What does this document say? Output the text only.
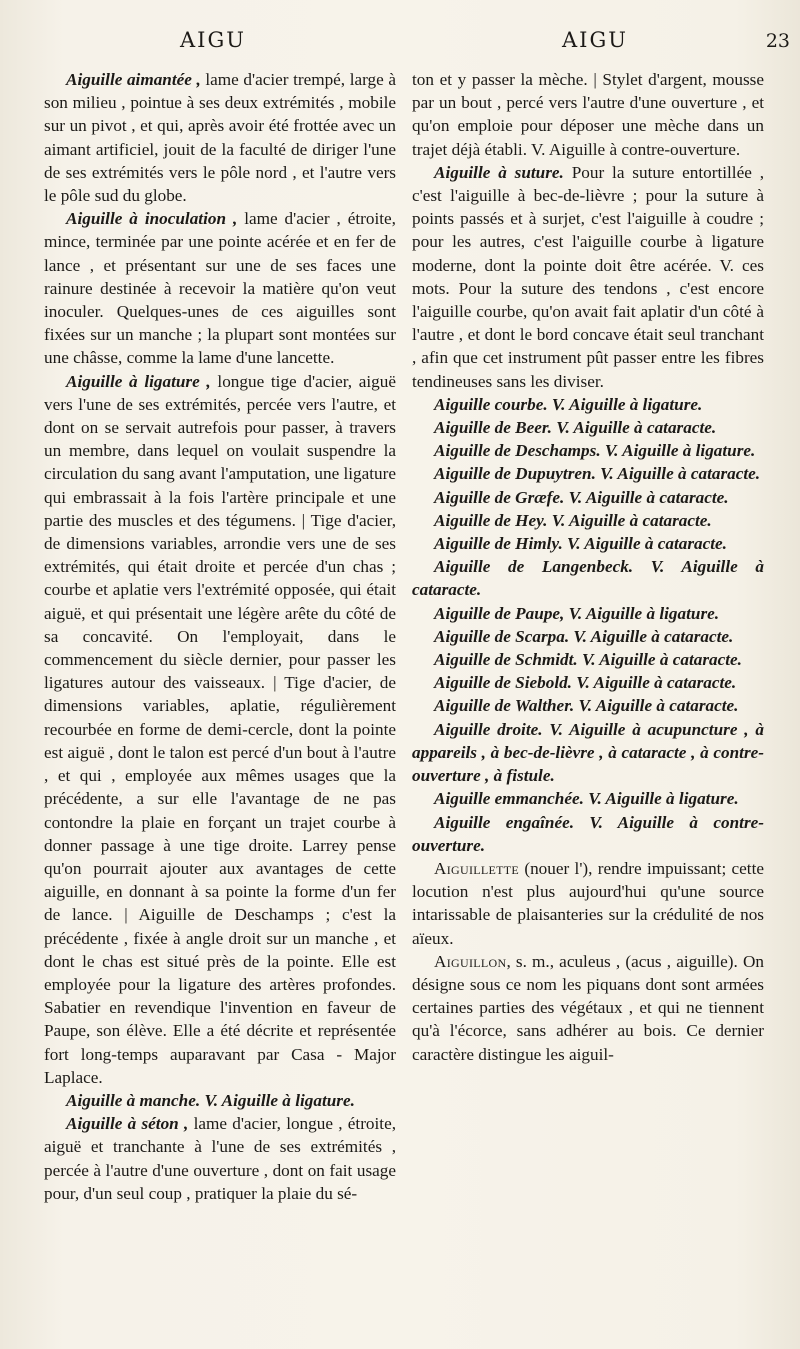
AIGU	AIGU	23

Aiguille aimantée , lame d'acier trempé, large à son milieu , pointue à ses deux extrémités , mobile sur un pivot , et qui, après avoir été frottée avec un aimant artificiel, jouit de la faculté de diriger l'une de ses extrémités vers le pôle nord , et l'autre vers le pôle sud du globe.

Aiguille à inoculation , lame d'acier , étroite, mince, terminée par une pointe acérée et en fer de lance , et présentant sur une de ses faces une rainure destinée à recevoir la matière qu'on veut inoculer. Quelques-unes de ces aiguilles sont fixées sur un manche ; la plupart sont montées sur une châsse, comme la lame d'une lancette.

Aiguille à ligature , longue tige d'acier, aiguë vers l'une de ses extrémités, percée vers l'autre, et dont on se servait autrefois pour passer, à travers un membre, dans lequel on voulait suspendre la circulation du sang avant l'amputation, une ligature qui embrassait à la fois l'artère principale et une partie des muscles et des tégumens. | Tige d'acier, de dimensions variables, arrondie vers une de ses extrémités, qui était droite et percée d'un chas ; courbe et aplatie vers l'extrémité opposée, qui était aiguë, et qui présentait une légère arête du côté de sa concavité. On l'employait, dans le commencement du siècle dernier, pour passer les ligatures autour des vaisseaux. | Tige d'acier, de dimensions variables, aplatie, régulièrement recourbée en forme de demi-cercle, dont la pointe est aiguë , dont le talon est percé d'un bout à l'autre , et qui , employée aux mêmes usages que la précédente, a sur elle l'avantage de ne pas contondre la plaie en forçant un trajet courbe à donner passage à une tige droite. Larrey pense qu'on pourrait ajouter aux avantages de cette aiguille, en donnant à sa pointe la forme d'un fer de lance. | Aiguille de Deschamps ; c'est la précédente , fixée à angle droit sur un manche , et dont le chas est situé près de la pointe. Elle est employée pour la ligature des artères profondes. Sabatier en revendique l'invention en faveur de Paupe, son élève. Elle a été décrite et représentée fort long-temps auparavant par Casa - Major Laplace.

Aiguille à manche. V. Aiguille à ligature.

Aiguille à séton , lame d'acier, longue , étroite, aiguë et tranchante à l'une de ses extrémités , percée à l'autre d'une ouverture , dont on fait usage pour, d'un seul coup , pratiquer la plaie du sé-

ton et y passer la mèche. | Stylet d'argent, mousse par un bout , percé vers l'autre d'une ouverture , et qu'on emploie pour déposer une mèche dans un trajet déjà établi. V. Aiguille à contre-ouverture.

Aiguille à suture. Pour la suture entortillée , c'est l'aiguille à bec-de-lièvre ; pour la suture à points passés et à surjet, c'est l'aiguille à coudre ; pour les autres, c'est l'aiguille courbe à ligature moderne, dont la pointe doit être acérée. V. ces mots. Pour la suture des tendons , c'est encore l'aiguille courbe, qu'on avait fait aplatir d'un côté à l'autre , et dont le bord concave était seul tranchant , afin que cet instrument pût passer entre les fibres tendineuses sans les diviser.

Aiguille courbe. V. Aiguille à ligature.

Aiguille de Beer. V. Aiguille à cataracte.

Aiguille de Deschamps. V. Aiguille à ligature.

Aiguille de Dupuytren. V. Aiguille à cataracte.

Aiguille de Græfe. V. Aiguille à cataracte.

Aiguille de Hey. V. Aiguille à cataracte.

Aiguille de Himly. V. Aiguille à cataracte.

Aiguille de Langenbeck. V. Aiguille à cataracte.

Aiguille de Paupe, V. Aiguille à ligature.

Aiguille de Scarpa. V. Aiguille à cataracte.

Aiguille de Schmidt. V. Aiguille à cataracte.

Aiguille de Siebold. V. Aiguille à cataracte.

Aiguille de Walther. V. Aiguille à cataracte.

Aiguille droite. V. Aiguille à acupuncture , à appareils , à bec-de-lièvre , à cataracte , à contre-ouverture , à fistule.

Aiguille emmanchée. V. Aiguille à ligature.

Aiguille engaînée. V. Aiguille à contre-ouverture.

Aiguillette (nouer l'), rendre impuissant; cette locution n'est plus aujourd'hui qu'une source intarissable de plaisanteries sur la crédulité de nos aïeux.

Aiguillon, s. m., aculeus , (acus , aiguille). On désigne sous ce nom les piquans dont sont armées certaines parties des végétaux , et qui ne tiennent qu'à l'écorce, sans adhérer au bois. Ce dernier caractère distingue les aiguil-
